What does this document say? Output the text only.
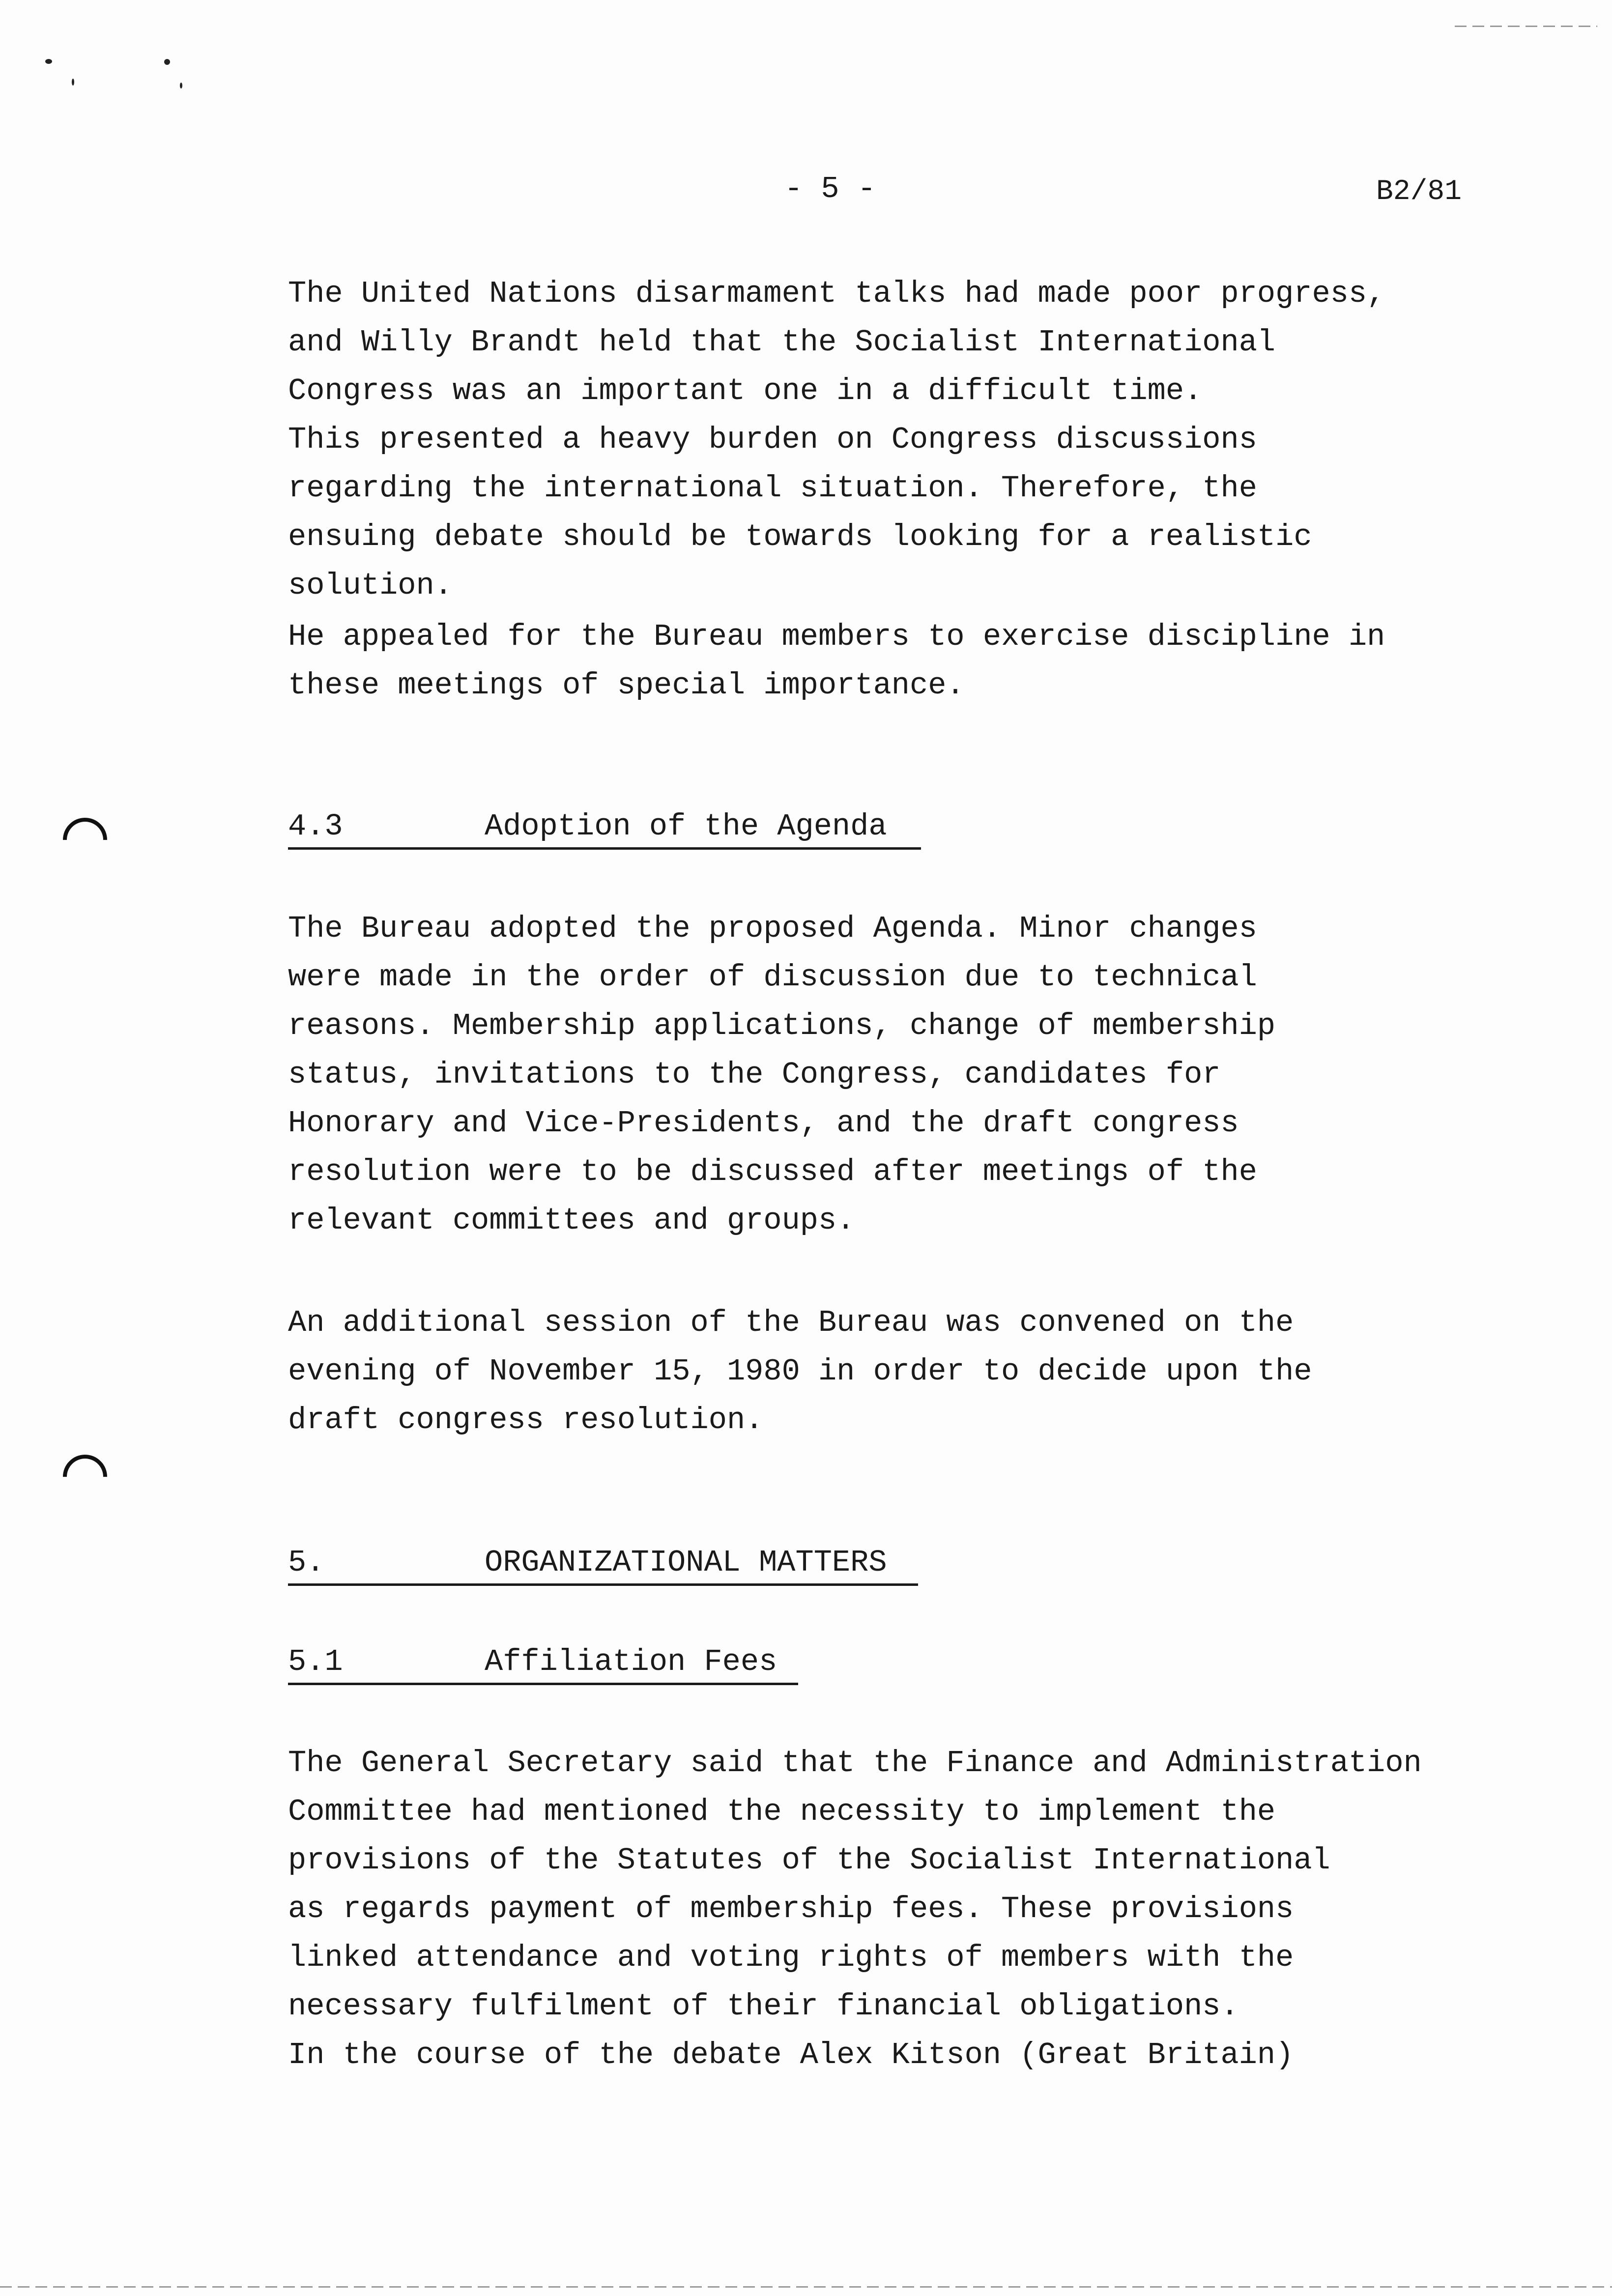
- 5 -	B2/81

The United Nations disarmament talks had made poor progress,
and Willy Brandt held that the Socialist International
Congress was an important one in a difficult time.
This presented a heavy burden on Congress discussions
regarding the international situation. Therefore, the
ensuing debate should be towards looking for a realistic
solution.

He appealed for the Bureau members to exercise discipline in
these meetings of special importance.

4.3	Adoption of the Agenda

The Bureau adopted the proposed Agenda. Minor changes
were made in the order of discussion due to technical
reasons. Membership applications, change of membership
status, invitations to the Congress, candidates for
Honorary and Vice-Presidents, and the draft congress
resolution were to be discussed after meetings of the
relevant committees and groups.

An additional session of the Bureau was convened on the
evening of November 15, 1980 in order to decide upon the
draft congress resolution.

5.	ORGANIZATIONAL MATTERS
5.1	Affiliation Fees

The General Secretary said that the Finance and Administration
Committee had mentioned the necessity to implement the
provisions of the Statutes of the Socialist International
as regards payment of membership fees. These provisions
linked attendance and voting rights of members with the
necessary fulfilment of their financial obligations.
In the course of the debate Alex Kitson (Great Britain)
